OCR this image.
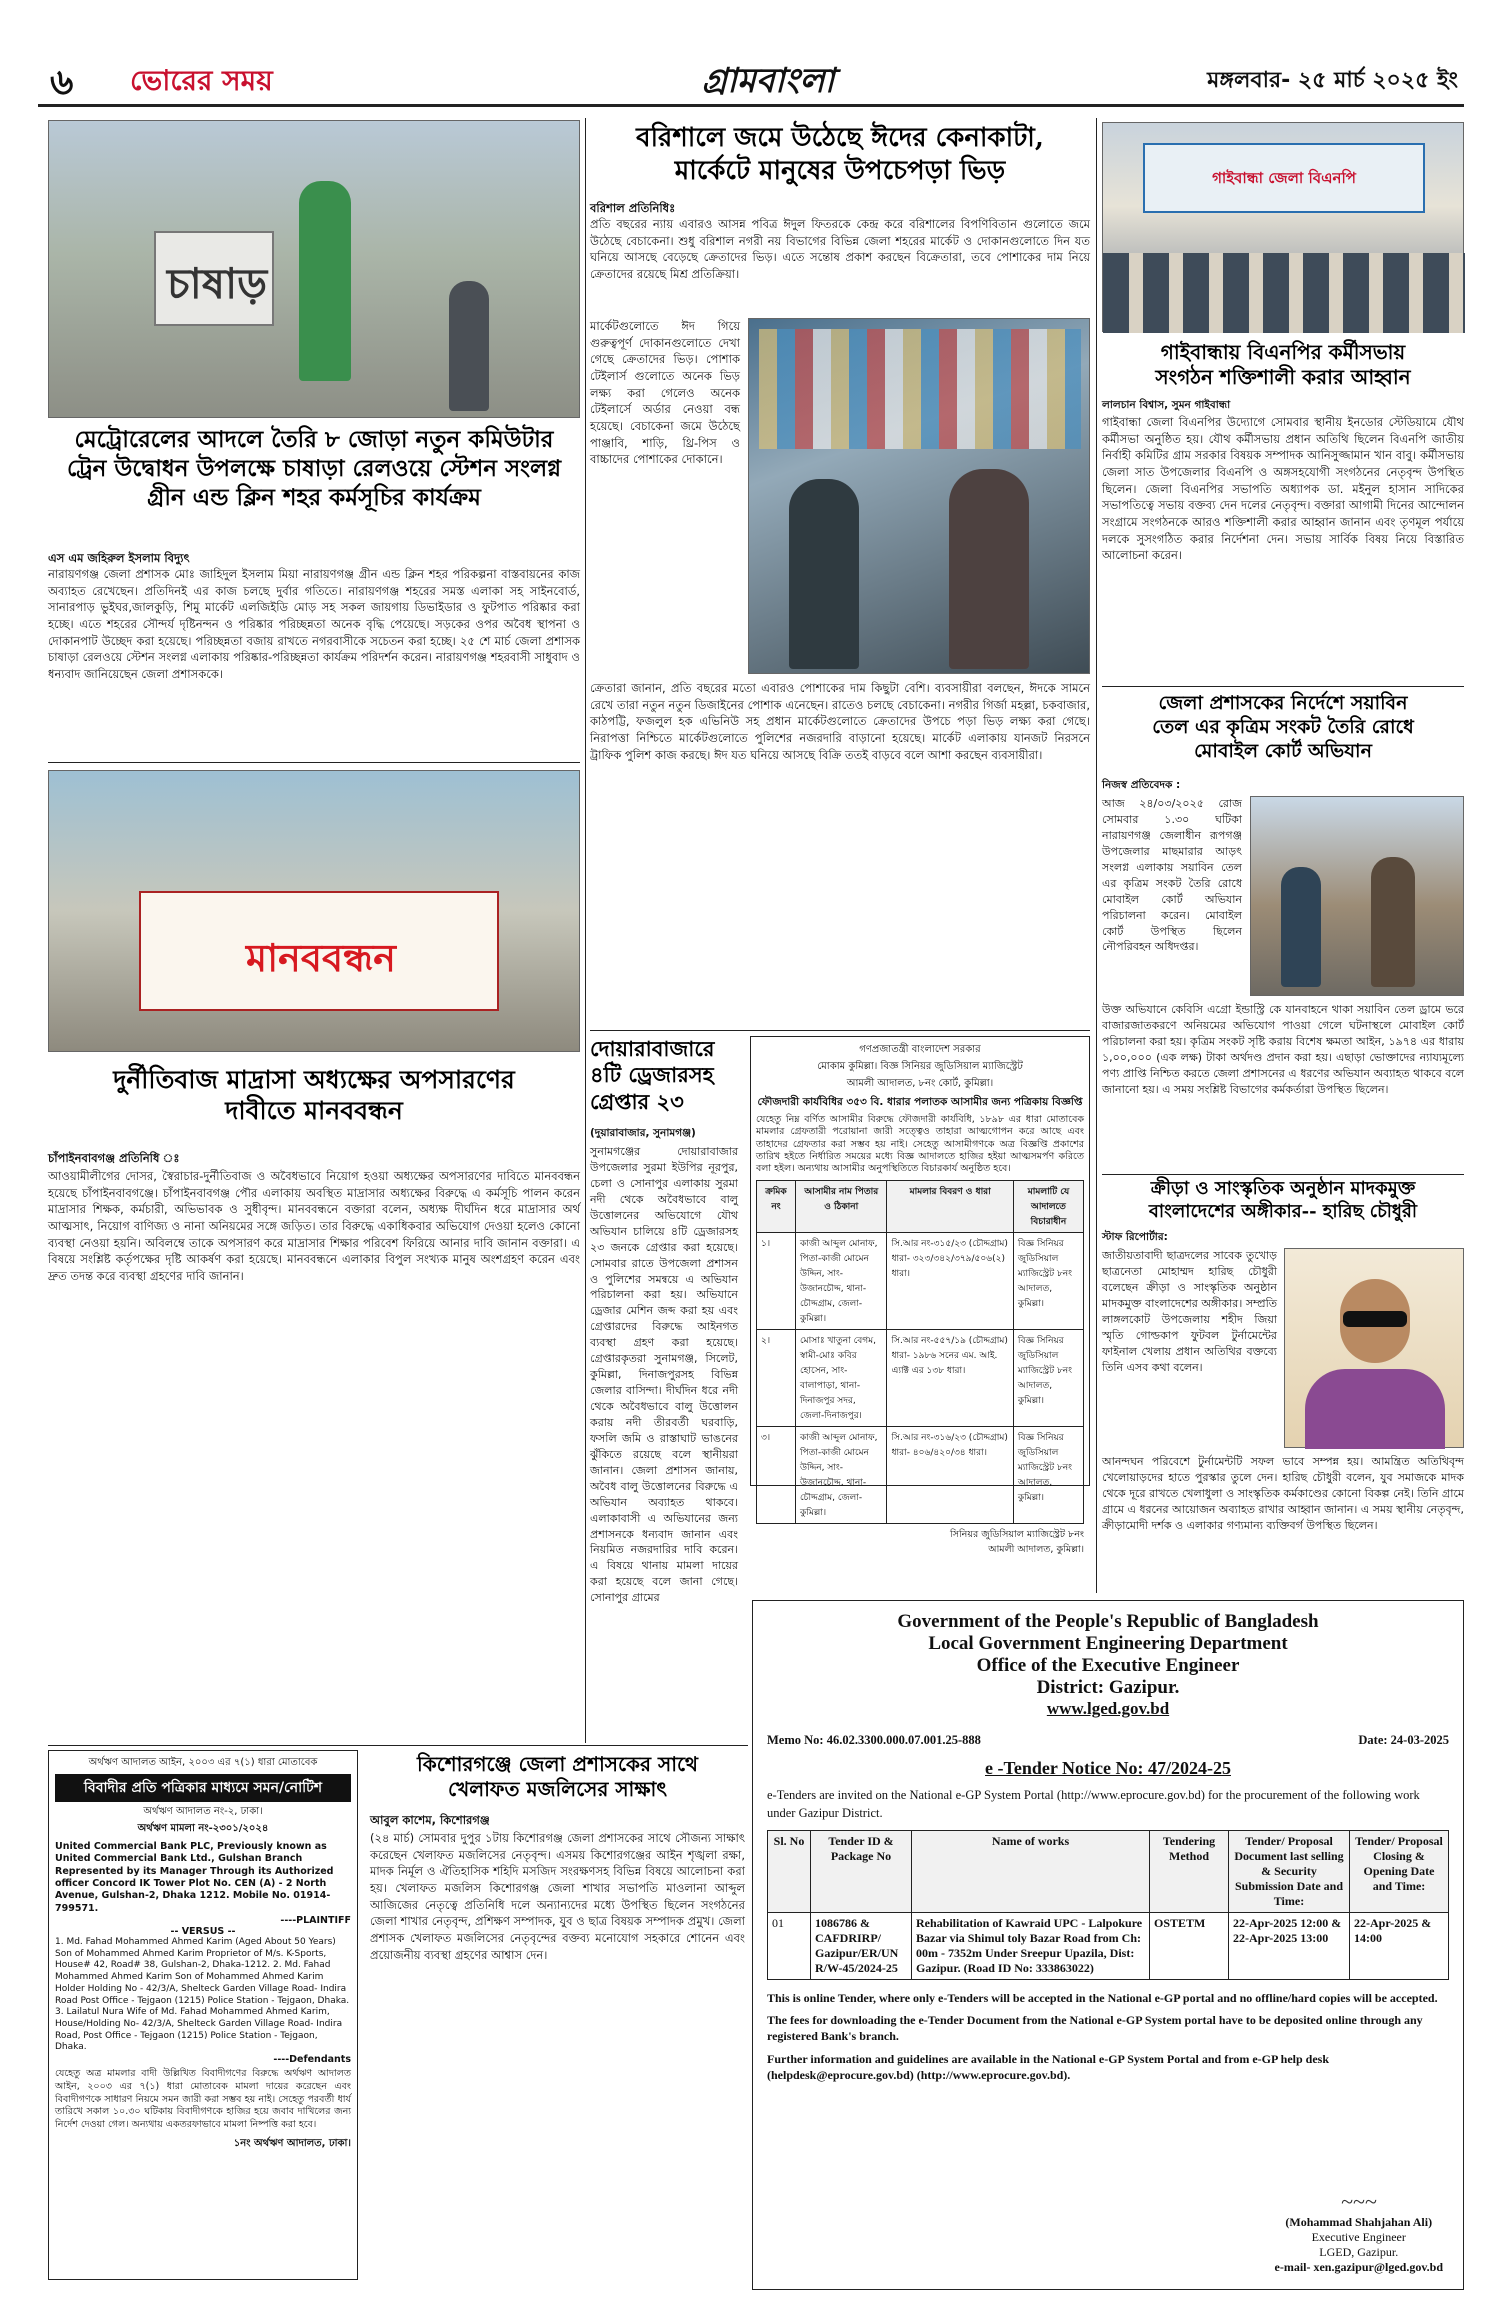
৬ ভোরের সময়	গ্রামবাংলা	মঙ্গলবার- ২৫ মার্চ ২০২৫ ইং
চাষাড়
মেট্রোরেলের আদলে তৈরি ৮ জোড়া নতুন কমিউটার
ট্রেন উদ্বোধন উপলক্ষে চাষাড়া রেলওয়ে স্টেশন সংলগ্ন
গ্রীন এন্ড ক্লিন শহর কর্মসূচির কার্যক্রম
এস এম জহিরুল ইসলাম বিদ্যুৎ
নারায়ণগঞ্জ জেলা প্রশাসক মোঃ জাহিদুল ইসলাম মিয়া নারায়ণগঞ্জ গ্রীন এন্ড ক্লিন শহর পরিকল্পনা বাস্তবায়নের কাজ অব্যাহত রেখেছেন। প্রতিদিনই এর কাজ চলছে দুর্বার গতিতে। নারায়ণগঞ্জ শহরের সমস্ত এলাকা সহ সাইনবোর্ড, সানারপাড় ভুইঘর,জালকুড়ি, শিমু মার্কেট এলজিইডি মোড় সহ সকল জায়গায় ডিভাইডার ও ফুটপাত পরিষ্কার করা হচ্ছে। এতে শহরের সৌন্দর্য দৃষ্টিনন্দন ও পরিষ্কার পরিচ্ছন্নতা অনেক বৃদ্ধি পেয়েছে। সড়কের ওপর অবৈধ স্থাপনা ও দোকানপাট উচ্ছেদ করা হয়েছে। পরিচ্ছন্নতা বজায় রাখতে নগরবাসীকে সচেতন করা হচ্ছে। ২৫ শে মার্চ জেলা প্রশাসক চাষাড়া রেলওয়ে স্টেশন সংলগ্ন এলাকায় পরিষ্কার-পরিচ্ছন্নতা কার্যক্রম পরিদর্শন করেন। নারায়ণগঞ্জ শহরবাসী সাধুবাদ ও ধন্যবাদ জানিয়েছেন জেলা প্রশাসককে।
মানববন্ধন
দুর্নীতিবাজ মাদ্রাসা অধ্যক্ষের অপসারণের
দাবীতে মানববন্ধন
চাঁপাইনবাবগঞ্জ প্রতিনিধি ঃ
আওয়ামীলীগের দোসর, স্বৈরাচার-দুর্নীতিবাজ ও অবৈধভাবে নিয়োগ হওয়া অধ্যক্ষের অপসারণের দাবিতে মানববন্ধন হয়েছে চাঁপাইনবাবগঞ্জে। চাঁপাইনবাবগঞ্জ পৌর এলাকায় অবস্থিত মাদ্রাসার অধ্যক্ষের বিরুদ্ধে এ কর্মসূচি পালন করেন মাদ্রাসার শিক্ষক, কর্মচারী, অভিভাবক ও সুধীবৃন্দ। মানববন্ধনে বক্তারা বলেন, অধ্যক্ষ দীর্ঘদিন ধরে মাদ্রাসার অর্থ আত্মসাৎ, নিয়োগ বাণিজ্য ও নানা অনিয়মের সঙ্গে জড়িত। তার বিরুদ্ধে একাধিকবার অভিযোগ দেওয়া হলেও কোনো ব্যবস্থা নেওয়া হয়নি। অবিলম্বে তাকে অপসারণ করে মাদ্রাসার শিক্ষার পরিবেশ ফিরিয়ে আনার দাবি জানান বক্তারা। এ বিষয়ে সংশ্লিষ্ট কর্তৃপক্ষের দৃষ্টি আকর্ষণ করা হয়েছে। মানববন্ধনে এলাকার বিপুল সংখ্যক মানুষ অংশগ্রহণ করেন এবং দ্রুত তদন্ত করে ব্যবস্থা গ্রহণের দাবি জানান।
অর্থঋণ আদালত আইন, ২০০৩ এর ৭(১) ধারা মোতাবেক
বিবাদীর প্রতি পত্রিকার মাধ্যমে সমন/নোটিশ
অর্থঋণ আদালত নং-২, ঢাকা।
অর্থঋণ মামলা নং-২৩০১/২০২৪
United Commercial Bank PLC, Previously known as United Commercial Bank Ltd., Gulshan Branch Represented by its Manager Through its Authorized officer Concord IK Tower Plot No. CEN (A) - 2 North Avenue, Gulshan-2, Dhaka 1212. Mobile No. 01914-799571.
----PLAINTIFF
-- VERSUS --
1. Md. Fahad Mohammed Ahmed Karim (Aged About 50 Years) Son of Mohammed Ahmed Karim Proprietor of M/s. K-Sports, House# 42, Road# 38, Gulshan-2, Dhaka-1212. 2. Md. Fahad Mohammed Ahmed Karim Son of Mohammed Ahmed Karim Holder Holding No - 42/3/A, Shelteck Garden Village Road- Indira Road Post Office - Tejgaon (1215) Police Station - Tejgaon, Dhaka. 3. Lailatul Nura Wife of Md. Fahad Mohammed Ahmed Karim, House/Holding No- 42/3/A, Shelteck Garden Village Road- Indira Road, Post Office - Tejgaon (1215) Police Station - Tejgaon, Dhaka.
----Defendants
যেহেতু অত্র মামলার বাদী উল্লিখিত বিবাদীগণের বিরুদ্ধে অর্থঋণ আদালত আইন, ২০০৩ এর ৭(১) ধারা মোতাবেক মামলা দায়ের করেছেন এবং বিবাদীগণকে সাধারণ নিয়মে সমন জারী করা সম্ভব হয় নাই। সেহেতু পরবর্তী ধার্য তারিখে সকাল ১০.৩০ ঘটিকায় বিবাদীগণকে হাজির হয়ে জবাব দাখিলের জন্য নির্দেশ দেওয়া গেল। অন্যথায় একতরফাভাবে মামলা নিষ্পত্তি করা হবে।
১নং অর্থঋণ আদালত, ঢাকা।
কিশোরগঞ্জে জেলা প্রশাসকের সাথে
খেলাফত মজলিসের সাক্ষাৎ
আবুল কাশেম, কিশোরগঞ্জ
(২৪ মার্চ) সোমবার দুপুর ১টায় কিশোরগঞ্জ জেলা প্রশাসকের সাথে সৌজন্য সাক্ষাৎ করেছেন খেলাফত মজলিসের নেতৃবৃন্দ। এসময় কিশোরগঞ্জের আইন শৃঙ্খলা রক্ষা, মাদক নির্মূল ও ঐতিহাসিক শহিদি মসজিদ সংরক্ষণসহ বিভিন্ন বিষয়ে আলোচনা করা হয়। খেলাফত মজলিস কিশোরগঞ্জ জেলা শাখার সভাপতি মাওলানা আব্দুল আজিজের নেতৃত্বে প্রতিনিধি দলে অন্যান্যদের মধ্যে উপস্থিত ছিলেন সংগঠনের জেলা শাখার নেতৃবৃন্দ, প্রশিক্ষণ সম্পাদক, যুব ও ছাত্র বিষয়ক সম্পাদক প্রমুখ। জেলা প্রশাসক খেলাফত মজলিসের নেতৃবৃন্দের বক্তব্য মনোযোগ সহকারে শোনেন এবং প্রয়োজনীয় ব্যবস্থা গ্রহণের আশ্বাস দেন।
বরিশালে জমে উঠেছে ঈদের কেনাকাটা,
মার্কেটে মানুষের উপচেপড়া ভিড়
বরিশাল প্রতিনিধিঃ
প্রতি বছরের ন্যায় এবারও আসন্ন পবিত্র ঈদুল ফিতরকে কেন্দ্র করে বরিশালের বিপণিবিতান গুলোতে জমে উঠেছে বেচাকেনা। শুধু বরিশাল নগরী নয় বিভাগের বিভিন্ন জেলা শহরের মার্কেট ও দোকানগুলোতে দিন যত ঘনিয়ে আসছে বেড়েছে ক্রেতাদের ভিড়। এতে সন্তোষ প্রকাশ করছেন বিক্রেতারা, তবে পোশাকের দাম নিয়ে ক্রেতাদের রয়েছে মিশ্র প্রতিক্রিয়া।
মার্কেটগুলোতে ঈদ গিয়ে গুরুত্বপূর্ণ দোকানগুলোতে দেখা গেছে ক্রেতাদের ভিড়। পোশাক টেইলার্স গুলোতে অনেক ভিড় লক্ষ্য করা গেলেও অনেক টেইলার্সে অর্ডার নেওয়া বন্ধ হয়েছে। বেচাকেনা জমে উঠেছে পাঞ্জাবি, শাড়ি, থ্রি-পিস ও বাচ্চাদের পোশাকের দোকানে।
ক্রেতারা জানান, প্রতি বছরের মতো এবারও পোশাকের দাম কিছুটা বেশি। ব্যবসায়ীরা বলছেন, ঈদকে সামনে রেখে তারা নতুন নতুন ডিজাইনের পোশাক এনেছেন। রাতেও চলছে বেচাকেনা। নগরীর গির্জা মহল্লা, চকবাজার, কাঠপট্টি, ফজলুল হক এভিনিউ সহ প্রধান মার্কেটগুলোতে ক্রেতাদের উপচে পড়া ভিড় লক্ষ্য করা গেছে। নিরাপত্তা নিশ্চিতে মার্কেটগুলোতে পুলিশের নজরদারি বাড়ানো হয়েছে। মার্কেট এলাকায় যানজট নিরসনে ট্রাফিক পুলিশ কাজ করছে। ঈদ যত ঘনিয়ে আসছে বিক্রি ততই বাড়বে বলে আশা করছেন ব্যবসায়ীরা।
দোয়ারাবাজারে
৪টি ড্রেজারসহ
গ্রেপ্তার ২৩
(দুয়ারাবাজার, সুনামগঞ্জ)
সুনামগঞ্জের দোয়ারাবাজার উপজেলার সুরমা ইউপির নূরপুর, চেলা ও সোনাপুর এলাকায় সুরমা নদী থেকে অবৈধভাবে বালু উত্তোলনের অভিযোগে যৌথ অভিযান চালিয়ে ৪টি ড্রেজারসহ ২৩ জনকে গ্রেপ্তার করা হয়েছে। সোমবার রাতে উপজেলা প্রশাসন ও পুলিশের সমন্বয়ে এ অভিযান পরিচালনা করা হয়। অভিযানে ড্রেজার মেশিন জব্দ করা হয় এবং গ্রেপ্তারদের বিরুদ্ধে আইনগত ব্যবস্থা গ্রহণ করা হয়েছে। গ্রেপ্তারকৃতরা সুনামগঞ্জ, সিলেট, কুমিল্লা, দিনাজপুরসহ বিভিন্ন জেলার বাসিন্দা। দীর্ঘদিন ধরে নদী থেকে অবৈধভাবে বালু উত্তোলন করায় নদী তীরবর্তী ঘরবাড়ি, ফসলি জমি ও রাস্তাঘাট ভাঙনের ঝুঁকিতে রয়েছে বলে স্থানীয়রা জানান। জেলা প্রশাসন জানায়, অবৈধ বালু উত্তোলনের বিরুদ্ধে এ অভিযান অব্যাহত থাকবে। এলাকাবাসী এ অভিযানের জন্য প্রশাসনকে ধন্যবাদ জানান এবং নিয়মিত নজরদারির দাবি করেন। এ বিষয়ে থানায় মামলা দায়ের করা হয়েছে বলে জানা গেছে। সোনাপুর গ্রামের
গণপ্রজাতন্ত্রী বাংলাদেশ সরকার
মোকাম কুমিল্লা। বিজ্ঞ সিনিয়র জুডিসিয়াল ম্যাজিস্ট্রেট
আমলী আদালত, ৮নং কোর্ট, কুমিল্লা।
ফৌজদারী কার্যবিধির ৩৫৩ বি. ধারার পলাতক আসামীর জন্য পত্রিকায় বিজ্ঞপ্তি
যেহেতু নিম্ন বর্ণিত আসামীর বিরুদ্ধে ফৌজদারী কার্যবিধি, ১৮৯৮ এর ধারা মোতাবেক মামলার গ্রেফতারী পরোয়ানা জারী সত্ত্বেও তাহারা আত্মগোপন করে আছে এবং তাহাদের গ্রেফতার করা সম্ভব হয় নাই। সেহেতু আসামীগণকে অত্র বিজ্ঞপ্তি প্রকাশের তারিখ হইতে নির্ধারিত সময়ের মধ্যে বিজ্ঞ আদালতে হাজির হইয়া আত্মসমর্পণ করিতে বলা হইল। অন্যথায় আসামীর অনুপস্থিতিতে বিচারকার্য অনুষ্ঠিত হবে।
ক্রমিক নং	আসামীর নাম পিতার ও ঠিকানা	মামলার বিবরণ ও ধারা	মামলাটি যে আদালতে বিচারাধীন
১।	কাজী আব্দুল মোনাফ, পিতা-কাজী মোমেন উদ্দিন, সাং-উজানচৌদ্দ, থানা-চৌদ্দগ্রাম, জেলা-কুমিল্লা।	সি.আর নং-৩১৫/২৩ (চৌদ্দগ্রাম) ধারা- ৩২৩/৩৪২/৩৭৯/৫০৬(২) ধারা।	বিজ্ঞ সিনিয়র জুডিসিয়াল ম্যাজিস্ট্রেট ৮নং আদালত, কুমিল্লা।
২।	মোসাঃ খাতুনা বেগম, স্বামী-মোঃ কবির হোসেন, সাং-বালাপাড়া, থানা-দিনাজপুর সদর, জেলা-দিনাজপুর।	সি.আর নং-৫৫৭/১৯ (চৌদ্দগ্রাম) ধারা- ১৯৮৬ সনের এম. আই. এ্যাক্ট এর ১৩৮ ধারা।	বিজ্ঞ সিনিয়র জুডিসিয়াল ম্যাজিস্ট্রেট ৮নং আদালত, কুমিল্লা।
৩।	কাজী আব্দুল মোনাফ, পিতা-কাজী মোমেন উদ্দিন, সাং-উজানচৌদ্দ, থানা-চৌদ্দগ্রাম, জেলা-কুমিল্লা।	সি.আর নং-৩১৬/২৩ (চৌদ্দগ্রাম) ধারা- ৪০৬/৪২০/৩৪ ধারা।	বিজ্ঞ সিনিয়র জুডিসিয়াল ম্যাজিস্ট্রেট ৮নং আদালত, কুমিল্লা।
সিনিয়র জুডিসিয়াল ম্যাজিস্ট্রেট ৮নং
আমলী আদালত, কুমিল্লা।
গাইবান্ধা জেলা বিএনপি
গাইবান্ধায় বিএনপির কর্মীসভায়
সংগঠন শক্তিশালী করার আহ্বান
লালচান বিশ্বাস, সুমন গাইবান্ধা
গাইবান্ধা জেলা বিএনপির উদ্যোগে সোমবার স্থানীয় ইনডোর স্টেডিয়ামে যৌথ কর্মীসভা অনুষ্ঠিত হয়। যৌথ কর্মীসভায় প্রধান অতিথি ছিলেন বিএনপি জাতীয় নির্বাহী কমিটির গ্রাম সরকার বিষয়ক সম্পাদক আনিসুজ্জামান খান বাবু। কর্মীসভায় জেলা সাত উপজেলার বিএনপি ও অঙ্গসহযোগী সংগঠনের নেতৃবৃন্দ উপস্থিত ছিলেন। জেলা বিএনপির সভাপতি অধ্যাপক ডা. মইনুল হাসান সাদিকের সভাপতিত্বে সভায় বক্তব্য দেন দলের নেতৃবৃন্দ। বক্তারা আগামী দিনের আন্দোলন সংগ্রামে সংগঠনকে আরও শক্তিশালী করার আহ্বান জানান এবং তৃণমূল পর্যায়ে দলকে সুসংগঠিত করার নির্দেশনা দেন। সভায় সার্বিক বিষয় নিয়ে বিস্তারিত আলোচনা করেন।
জেলা প্রশাসকের নির্দেশে সয়াবিন
তেল এর কৃত্রিম সংকট তৈরি রোধে
মোবাইল কোর্ট অভিযান
নিজস্ব প্রতিবেদক :
আজ ২৪/০৩/২০২৫ রোজ সোমবার ১.৩০ ঘটিকা নারায়ণগঞ্জ জেলাধীন রূপগঞ্জ উপজেলার মাছমারার আড়ৎ সংলগ্ন এলাকায় সয়াবিন তেল এর কৃত্রিম সংকট তৈরি রোধে মোবাইল কোর্ট অভিযান পরিচালনা করেন। মোবাইল কোর্ট উপস্থিত ছিলেন নৌপরিবহন অধিদপ্তর।
উক্ত অভিযানে কেবিসি এগ্রো ইন্ডাস্ট্রি কে যানবাহনে থাকা সয়াবিন তেল ড্রামে ভরে বাজারজাতকরণে অনিয়মের অভিযোগ পাওয়া গেলে ঘটনাস্থলে মোবাইল কোর্ট পরিচালনা করা হয়। কৃত্রিম সংকট সৃষ্টি করায় বিশেষ ক্ষমতা আইন, ১৯৭৪ এর ধারায় ১,০০,০০০ (এক লক্ষ) টাকা অর্থদণ্ড প্রদান করা হয়। এছাড়া ভোক্তাদের ন্যায্যমূল্যে পণ্য প্রাপ্তি নিশ্চিত করতে জেলা প্রশাসনের এ ধরণের অভিযান অব্যাহত থাকবে বলে জানানো হয়। এ সময় সংশ্লিষ্ট বিভাগের কর্মকর্তারা উপস্থিত ছিলেন।
ক্রীড়া ও সাংস্কৃতিক অনুষ্ঠান মাদকমুক্ত
বাংলাদেশের অঙ্গীকার-- হারিছ চৌধুরী
স্টাফ রিপোর্টার:
জাতীয়তাবাদী ছাত্রদলের সাবেক তুখোড় ছাত্রনেতা মোহাম্মদ হারিছ চৌধুরী বলেছেন ক্রীড়া ও সাংস্কৃতিক অনুষ্ঠান মাদকমুক্ত বাংলাদেশের অঙ্গীকার। সম্প্রতি লাঙ্গলকোট উপজেলায় শহীদ জিয়া স্মৃতি গোল্ডকাপ ফুটবল টুর্নামেন্টের ফাইনাল খেলায় প্রধান অতিথির বক্তব্যে তিনি এসব কথা বলেন।
আনন্দঘন পরিবেশে টুর্নামেন্টটি সফল ভাবে সম্পন্ন হয়। আমন্ত্রিত অতিথিবৃন্দ খেলোয়াড়দের হাতে পুরস্কার তুলে দেন। হারিছ চৌধুরী বলেন, যুব সমাজকে মাদক থেকে দূরে রাখতে খেলাধুলা ও সাংস্কৃতিক কর্মকাণ্ডের কোনো বিকল্প নেই। তিনি গ্রামে গ্রামে এ ধরনের আয়োজন অব্যাহত রাখার আহ্বান জানান। এ সময় স্থানীয় নেতৃবৃন্দ, ক্রীড়ামোদী দর্শক ও এলাকার গণ্যমান্য ব্যক্তিবর্গ উপস্থিত ছিলেন।
Government of the People's Republic of Bangladesh
Local Government Engineering Department
Office of the Executive Engineer
District: Gazipur.
www.lged.gov.bd
Memo No: 46.02.3300.000.07.001.25-888	Date: 24-03-2025
e -Tender Notice No: 47/2024-25
e-Tenders are invited on the National e-GP System Portal (http://www.eprocure.gov.bd) for the procurement of the following work under Gazipur District.
Sl. No	Tender ID & Package No	Name of works	Tendering Method	Tender/ Proposal Document last selling & Security Submission Date and Time:	Tender/ Proposal Closing & Opening Date and Time:
01	1086786 & CAFDRIRP/ Gazipur/ER/UN R/W-45/2024-25	Rehabilitation of Kawraid UPC - Lalpokure Bazar via Shimul toly Bazar Road from Ch: 00m - 7352m Under Sreepur Upazila, Dist: Gazipur. (Road ID No: 333863022)	OSTETM	22-Apr-2025 12:00 & 22-Apr-2025 13:00	22-Apr-2025 & 14:00
This is online Tender, where only e-Tenders will be accepted in the National e-GP portal and no offline/hard copies will be accepted.
The fees for downloading the e-Tender Document from the National e-GP System portal have to be deposited online through any registered Bank's branch.
Further information and guidelines are available in the National e-GP System Portal and from e-GP help desk (helpdesk@eprocure.gov.bd) (http://www.eprocure.gov.bd).
~~~
(Mohammad Shahjahan Ali)
Executive Engineer
LGED, Gazipur.
e-mail- xen.gazipur@lged.gov.bd
